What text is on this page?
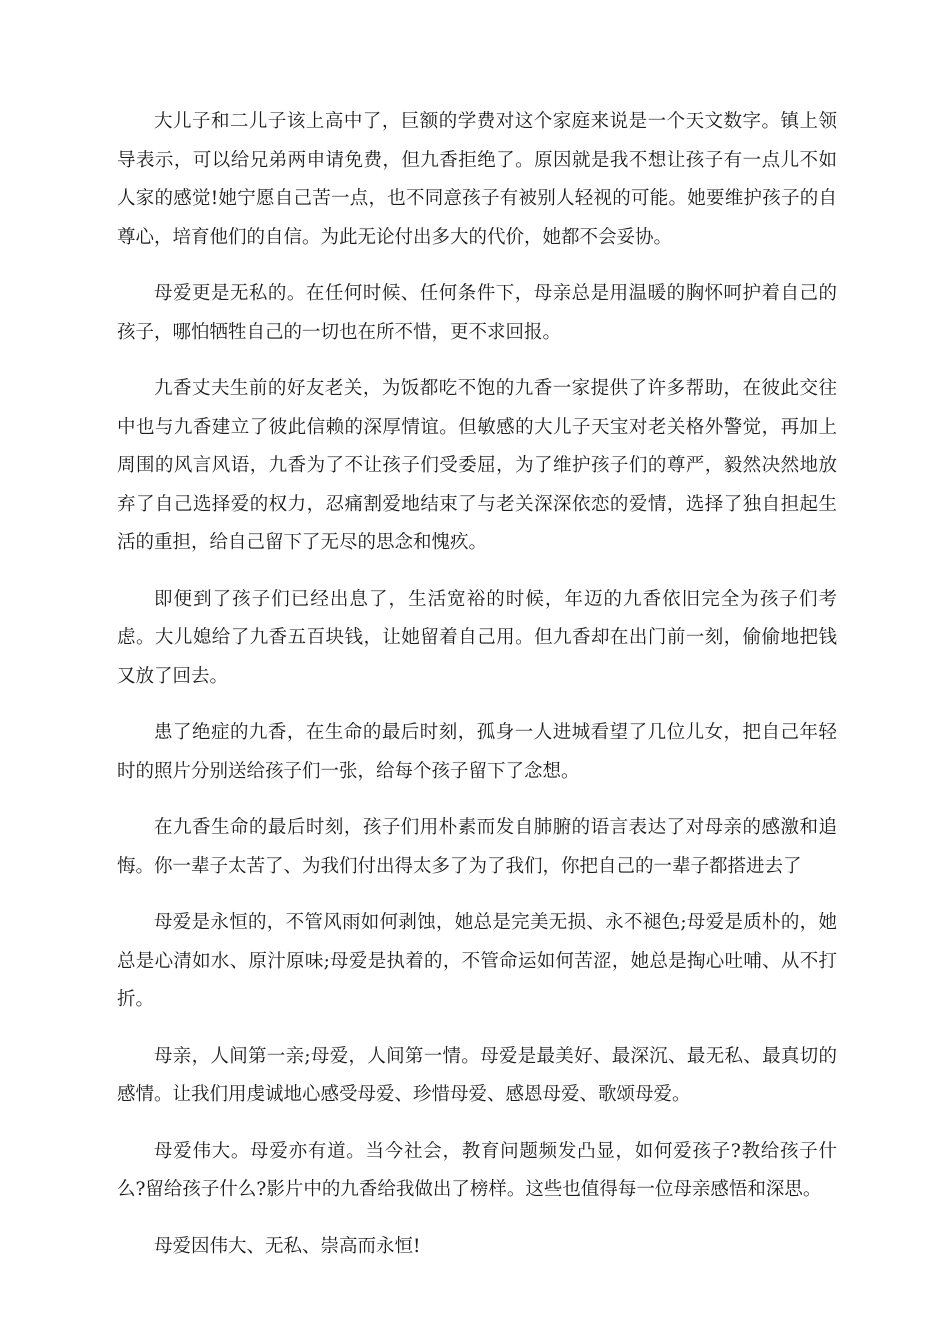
大儿子和二儿子该上高中了，巨额的学费对这个家庭来说是一个天文数字。镇上领导表示，可以给兄弟两申请免费，但九香拒绝了。原因就是我不想让孩子有一点儿不如人家的感觉!她宁愿自己苦一点，也不同意孩子有被别人轻视的可能。她要维护孩子的自尊心，培育他们的自信。为此无论付出多大的代价，她都不会妥协。

母爱更是无私的。在任何时候、任何条件下，母亲总是用温暖的胸怀呵护着自己的孩子，哪怕牺牲自己的一切也在所不惜，更不求回报。

九香丈夫生前的好友老关，为饭都吃不饱的九香一家提供了许多帮助，在彼此交往中也与九香建立了彼此信赖的深厚情谊。但敏感的大儿子天宝对老关格外警觉，再加上周围的风言风语，九香为了不让孩子们受委屈，为了维护孩子们的尊严，毅然决然地放弃了自己选择爱的权力，忍痛割爱地结束了与老关深深依恋的爱情，选择了独自担起生活的重担，给自己留下了无尽的思念和愧疚。

即便到了孩子们已经出息了，生活宽裕的时候，年迈的九香依旧完全为孩子们考虑。大儿媳给了九香五百块钱，让她留着自己用。但九香却在出门前一刻，偷偷地把钱又放了回去。

患了绝症的九香，在生命的最后时刻，孤身一人进城看望了几位儿女，把自己年轻时的照片分别送给孩子们一张，给每个孩子留下了念想。

在九香生命的最后时刻，孩子们用朴素而发自肺腑的语言表达了对母亲的感激和追悔。你一辈子太苦了、为我们付出得太多了为了我们，你把自己的一辈子都搭进去了

母爱是永恒的，不管风雨如何剥蚀，她总是完美无损、永不褪色;母爱是质朴的，她总是心清如水、原汁原味;母爱是执着的，不管命运如何苦涩，她总是掏心吐哺、从不打折。

母亲，人间第一亲;母爱，人间第一情。母爱是最美好、最深沉、最无私、最真切的感情。让我们用虔诚地心感受母爱、珍惜母爱、感恩母爱、歌颂母爱。

母爱伟大。母爱亦有道。当今社会，教育问题频发凸显，如何爱孩子?教给孩子什么?留给孩子什么?影片中的九香给我做出了榜样。这些也值得每一位母亲感悟和深思。

母爱因伟大、无私、崇高而永恒!
